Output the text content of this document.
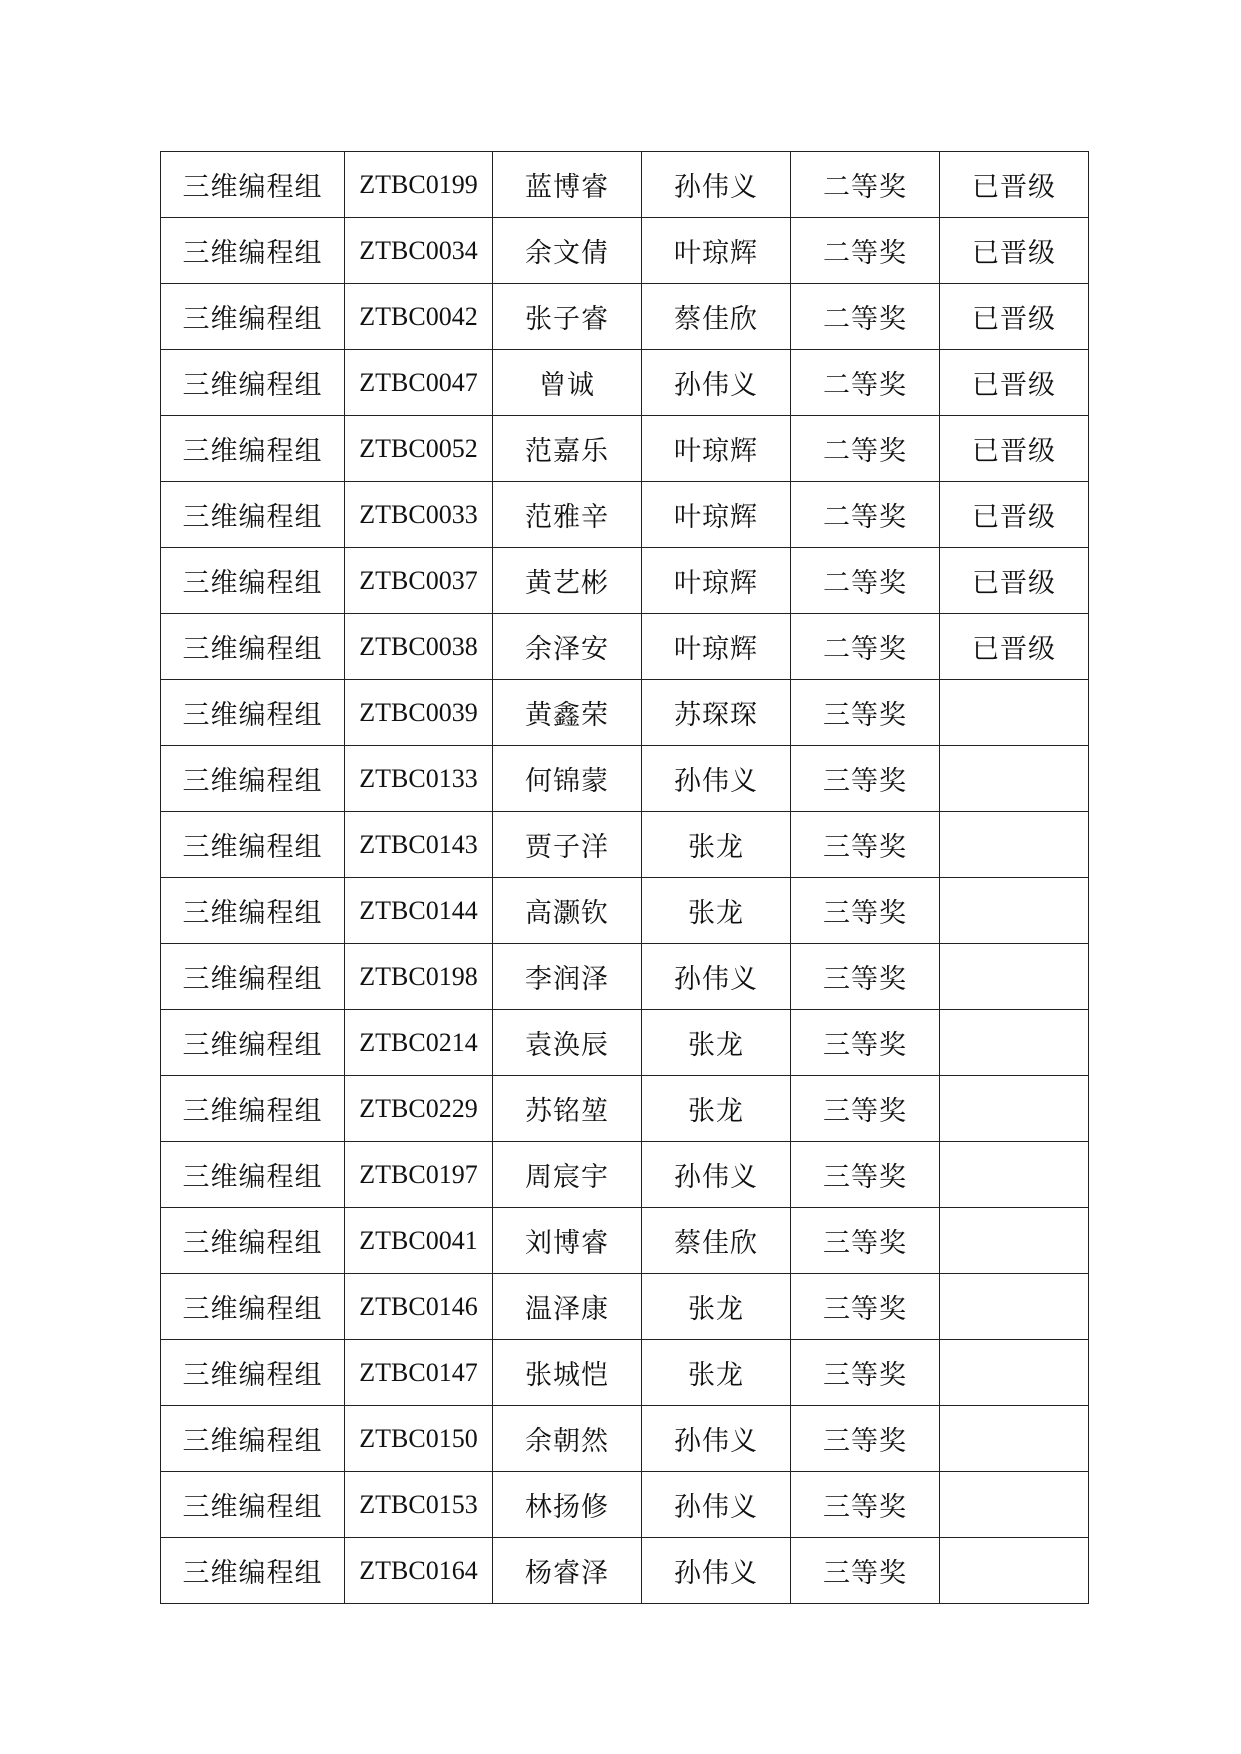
三维编程组	ZTBC0199	蓝博睿	孙伟义	二等奖	已晋级
三维编程组	ZTBC0034	余文倩	叶琼辉	二等奖	已晋级
三维编程组	ZTBC0042	张子睿	蔡佳欣	二等奖	已晋级
三维编程组	ZTBC0047	曾诚	孙伟义	二等奖	已晋级
三维编程组	ZTBC0052	范嘉乐	叶琼辉	二等奖	已晋级
三维编程组	ZTBC0033	范雅辛	叶琼辉	二等奖	已晋级
三维编程组	ZTBC0037	黄艺彬	叶琼辉	二等奖	已晋级
三维编程组	ZTBC0038	余泽安	叶琼辉	二等奖	已晋级
三维编程组	ZTBC0039	黄鑫荣	苏琛琛	三等奖	
三维编程组	ZTBC0133	何锦蒙	孙伟义	三等奖	
三维编程组	ZTBC0143	贾子洋	张龙	三等奖	
三维编程组	ZTBC0144	高灏钦	张龙	三等奖	
三维编程组	ZTBC0198	李润泽	孙伟义	三等奖	
三维编程组	ZTBC0214	袁涣辰	张龙	三等奖	
三维编程组	ZTBC0229	苏铭堃	张龙	三等奖	
三维编程组	ZTBC0197	周宸宇	孙伟义	三等奖	
三维编程组	ZTBC0041	刘博睿	蔡佳欣	三等奖	
三维编程组	ZTBC0146	温泽康	张龙	三等奖	
三维编程组	ZTBC0147	张城恺	张龙	三等奖	
三维编程组	ZTBC0150	余朝然	孙伟义	三等奖	
三维编程组	ZTBC0153	林扬修	孙伟义	三等奖	
三维编程组	ZTBC0164	杨睿泽	孙伟义	三等奖	
